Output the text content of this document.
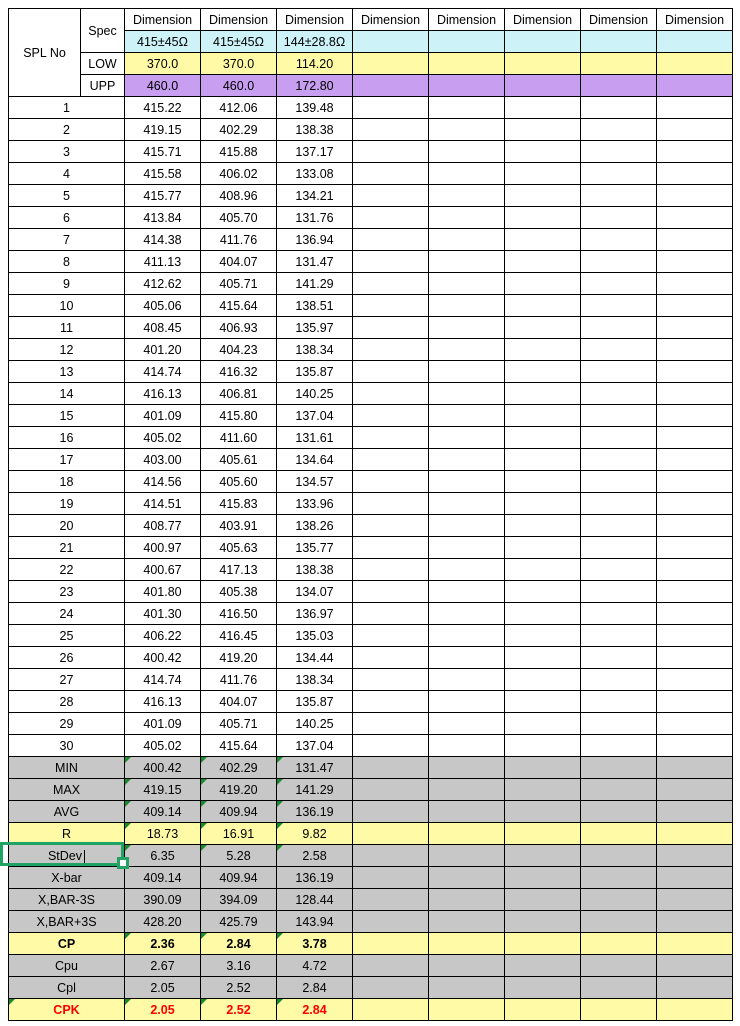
SPL No	Spec	Dimension	Dimension	Dimension	Dimension	Dimension	Dimension	Dimension	Dimension
		415±45Ω	415±45Ω	144±28.8Ω					
	LOW	370.0	370.0	114.20					
	UPP	460.0	460.0	172.80					
1		415.22	412.06	139.48					
2		419.15	402.29	138.38					
3		415.71	415.88	137.17					
4		415.58	406.02	133.08					
5		415.77	408.96	134.21					
6		413.84	405.70	131.76					
7		414.38	411.76	136.94					
8		411.13	404.07	131.47					
9		412.62	405.71	141.29					
10		405.06	415.64	138.51					
11		408.45	406.93	135.97					
12		401.20	404.23	138.34					
13		414.74	416.32	135.87					
14		416.13	406.81	140.25					
15		401.09	415.80	137.04					
16		405.02	411.60	131.61					
17		403.00	405.61	134.64					
18		414.56	405.60	134.57					
19		414.51	415.83	133.96					
20		408.77	403.91	138.26					
21		400.97	405.63	135.77					
22		400.67	417.13	138.38					
23		401.80	405.38	134.07					
24		401.30	416.50	136.97					
25		406.22	416.45	135.03					
26		400.42	419.20	134.44					
27		414.74	411.76	138.34					
28		416.13	404.07	135.87					
29		401.09	405.71	140.25					
30		405.02	415.64	137.04					
MIN		400.42	402.29	131.47					
MAX		419.15	419.20	141.29					
AVG		409.14	409.94	136.19					
R		18.73	16.91	9.82					
StDev		6.35	5.28	2.58					
X-bar		409.14	409.94	136.19					
X,BAR-3S		390.09	394.09	128.44					
X,BAR+3S		428.20	425.79	143.94					
CP		2.36	2.84	3.78					
Cpu		2.67	3.16	4.72					
Cpl		2.05	2.52	2.84					
CPK		2.05	2.52	2.84					
